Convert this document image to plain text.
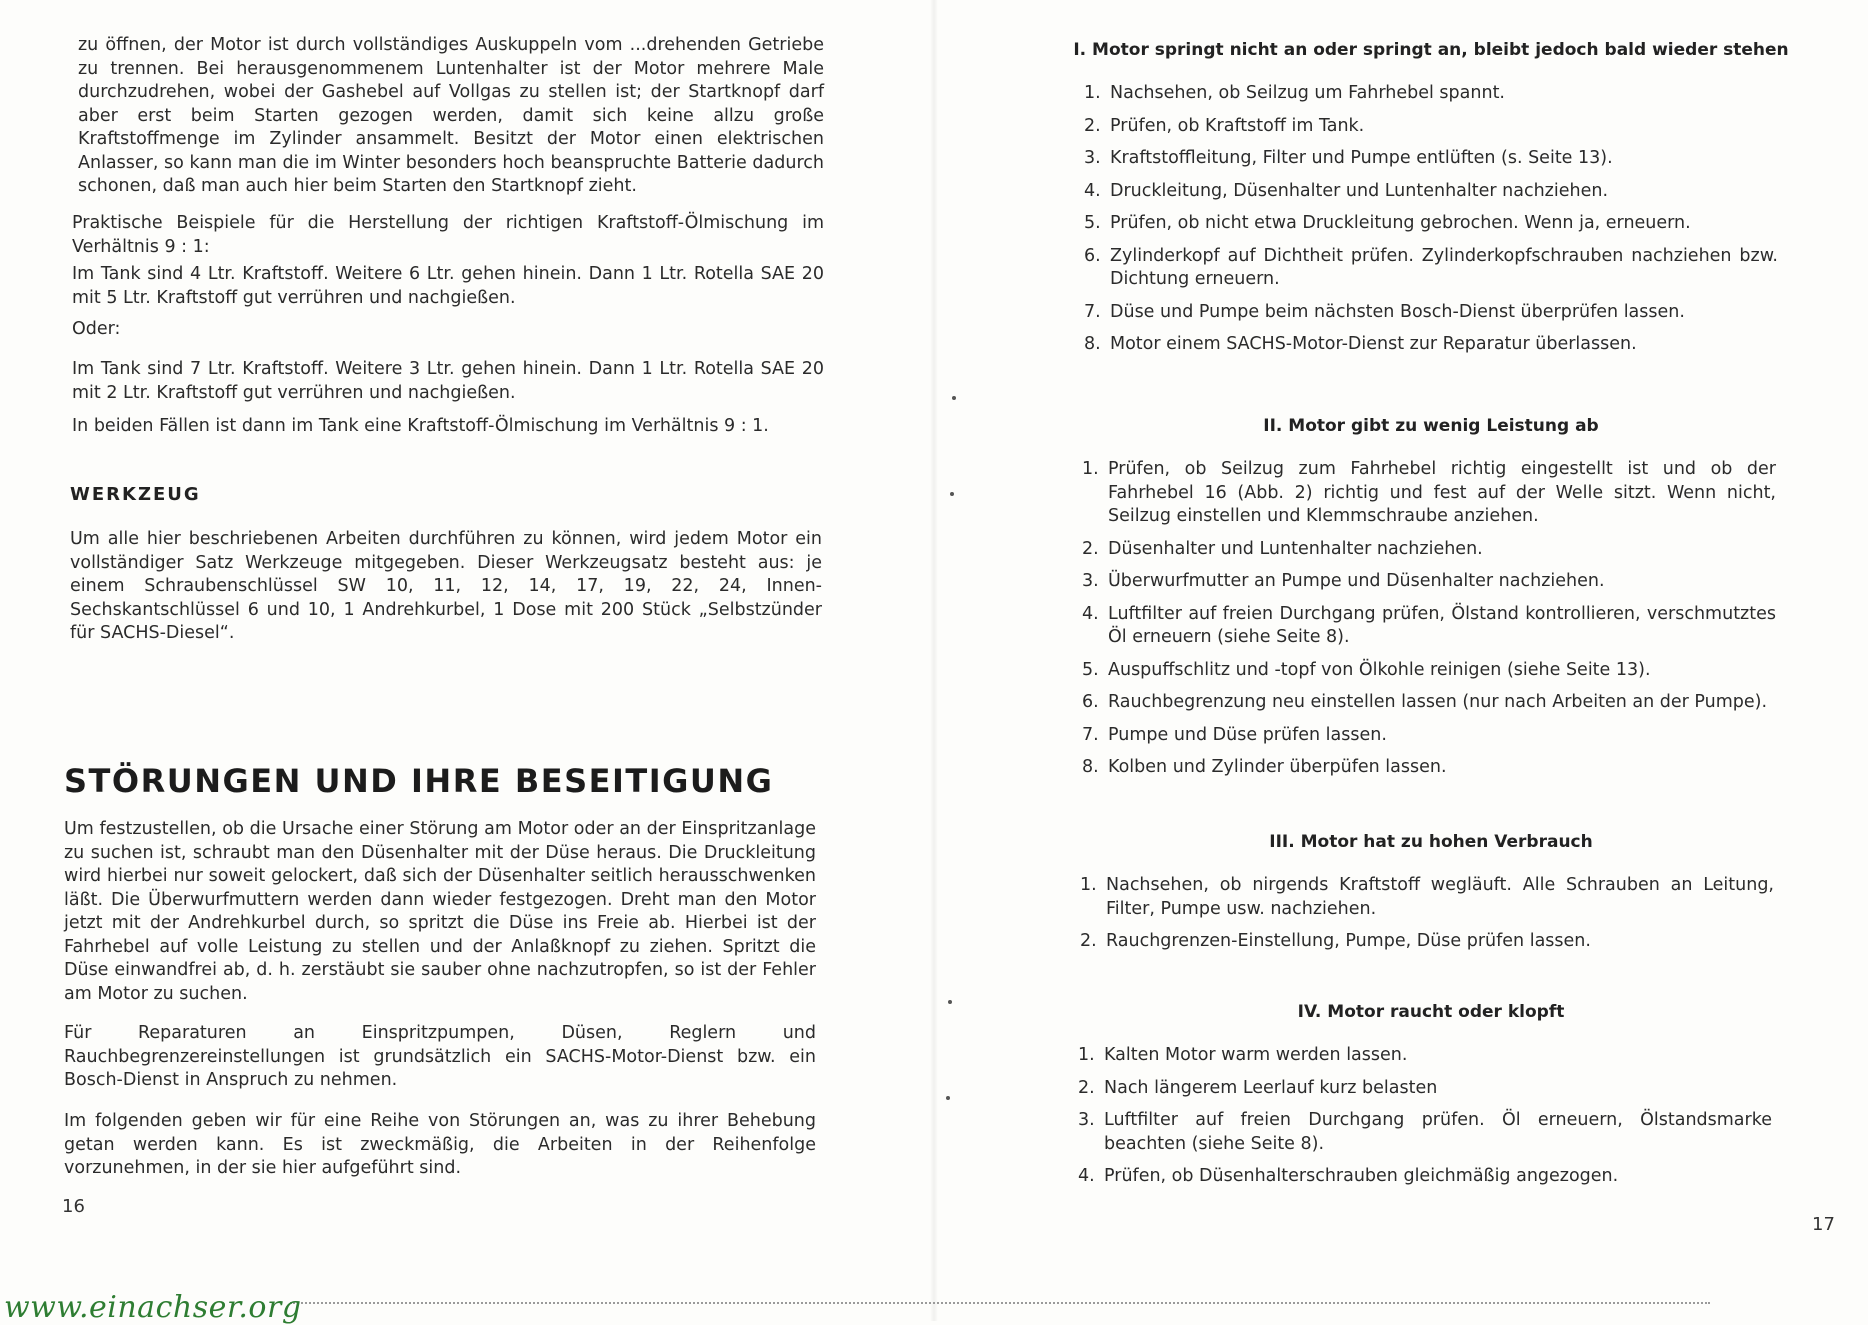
zu öffnen, der Motor ist durch vollständiges Auskuppeln vom ...drehenden Getriebe zu trennen. Bei herausgenommenem Luntenhalter ist der Motor mehrere Male durchzudrehen, wobei der Gashebel auf Vollgas zu stellen ist; der Startknopf darf aber erst beim Starten gezogen werden, damit sich keine allzu große Kraftstoffmenge im Zylinder ansammelt. Besitzt der Motor einen elektrischen Anlasser, so kann man die im Winter besonders hoch beanspruchte Batterie dadurch schonen, daß man auch hier beim Starten den Startknopf zieht.

Praktische Beispiele für die Herstellung der richtigen Kraftstoff-Ölmischung im Verhältnis 9 : 1:

Im Tank sind 4 Ltr. Kraftstoff. Weitere 6 Ltr. gehen hinein. Dann 1 Ltr. Rotella SAE 20 mit 5 Ltr. Kraftstoff gut verrühren und nachgießen.

Oder:

Im Tank sind 7 Ltr. Kraftstoff. Weitere 3 Ltr. gehen hinein. Dann 1 Ltr. Rotella SAE 20 mit 2 Ltr. Kraftstoff gut verrühren und nachgießen.

In beiden Fällen ist dann im Tank eine Kraftstoff-Ölmischung im Verhältnis 9 : 1.

WERKZEUG

Um alle hier beschriebenen Arbeiten durchführen zu können, wird jedem Motor ein vollständiger Satz Werkzeuge mitgegeben. Dieser Werkzeugsatz besteht aus: je einem Schraubenschlüssel SW 10, 11, 12, 14, 17, 19, 22, 24, Innen-Sechskantschlüssel 6 und 10, 1 Andrehkurbel, 1 Dose mit 200 Stück „Selbstzünder für SACHS-Diesel“.

STÖRUNGEN UND IHRE BESEITIGUNG

Um festzustellen, ob die Ursache einer Störung am Motor oder an der Einspritzanlage zu suchen ist, schraubt man den Düsenhalter mit der Düse heraus. Die Druckleitung wird hierbei nur soweit gelockert, daß sich der Düsenhalter seitlich herausschwenken läßt. Die Überwurfmuttern werden dann wieder festgezogen. Dreht man den Motor jetzt mit der Andrehkurbel durch, so spritzt die Düse ins Freie ab. Hierbei ist der Fahrhebel auf volle Leistung zu stellen und der Anlaßknopf zu ziehen. Spritzt die Düse einwandfrei ab, d. h. zerstäubt sie sauber ohne nachzutropfen, so ist der Fehler am Motor zu suchen.

Für Reparaturen an Einspritzpumpen, Düsen, Reglern und Rauchbegrenzereinstellungen ist grundsätzlich ein SACHS-Motor-Dienst bzw. ein Bosch-Dienst in Anspruch zu nehmen.

Im folgenden geben wir für eine Reihe von Störungen an, was zu ihrer Behebung getan werden kann. Es ist zweckmäßig, die Arbeiten in der Reihenfolge vorzunehmen, in der sie hier aufgeführt sind.

16
I. Motor springt nicht an oder springt an, bleibt jedoch bald wieder stehen
1. Nachsehen, ob Seilzug um Fahrhebel spannt.
2. Prüfen, ob Kraftstoff im Tank.
3. Kraftstoffleitung, Filter und Pumpe entlüften (s. Seite 13).
4. Druckleitung, Düsenhalter und Luntenhalter nachziehen.
5. Prüfen, ob nicht etwa Druckleitung gebrochen. Wenn ja, erneuern.
6. Zylinderkopf auf Dichtheit prüfen. Zylinderkopfschrauben nachziehen bzw. Dichtung erneuern.
7. Düse und Pumpe beim nächsten Bosch-Dienst überprüfen lassen.
8. Motor einem SACHS-Motor-Dienst zur Reparatur überlassen.
II. Motor gibt zu wenig Leistung ab
1. Prüfen, ob Seilzug zum Fahrhebel richtig eingestellt ist und ob der Fahrhebel 16 (Abb. 2) richtig und fest auf der Welle sitzt. Wenn nicht, Seilzug einstellen und Klemmschraube anziehen.
2. Düsenhalter und Luntenhalter nachziehen.
3. Überwurfmutter an Pumpe und Düsenhalter nachziehen.
4. Luftfilter auf freien Durchgang prüfen, Ölstand kontrollieren, verschmutztes Öl erneuern (siehe Seite 8).
5. Auspuffschlitz und -topf von Ölkohle reinigen (siehe Seite 13).
6. Rauchbegrenzung neu einstellen lassen (nur nach Arbeiten an der Pumpe).
7. Pumpe und Düse prüfen lassen.
8. Kolben und Zylinder überpüfen lassen.
III. Motor hat zu hohen Verbrauch
1. Nachsehen, ob nirgends Kraftstoff wegläuft. Alle Schrauben an Leitung, Filter, Pumpe usw. nachziehen.
2. Rauchgrenzen-Einstellung, Pumpe, Düse prüfen lassen.
IV. Motor raucht oder klopft
1. Kalten Motor warm werden lassen.
2. Nach längerem Leerlauf kurz belasten
3. Luftfilter auf freien Durchgang prüfen. Öl erneuern, Ölstandsmarke beachten (siehe Seite 8).
4. Prüfen, ob Düsenhalterschrauben gleichmäßig angezogen.
17
www.einachser.org
